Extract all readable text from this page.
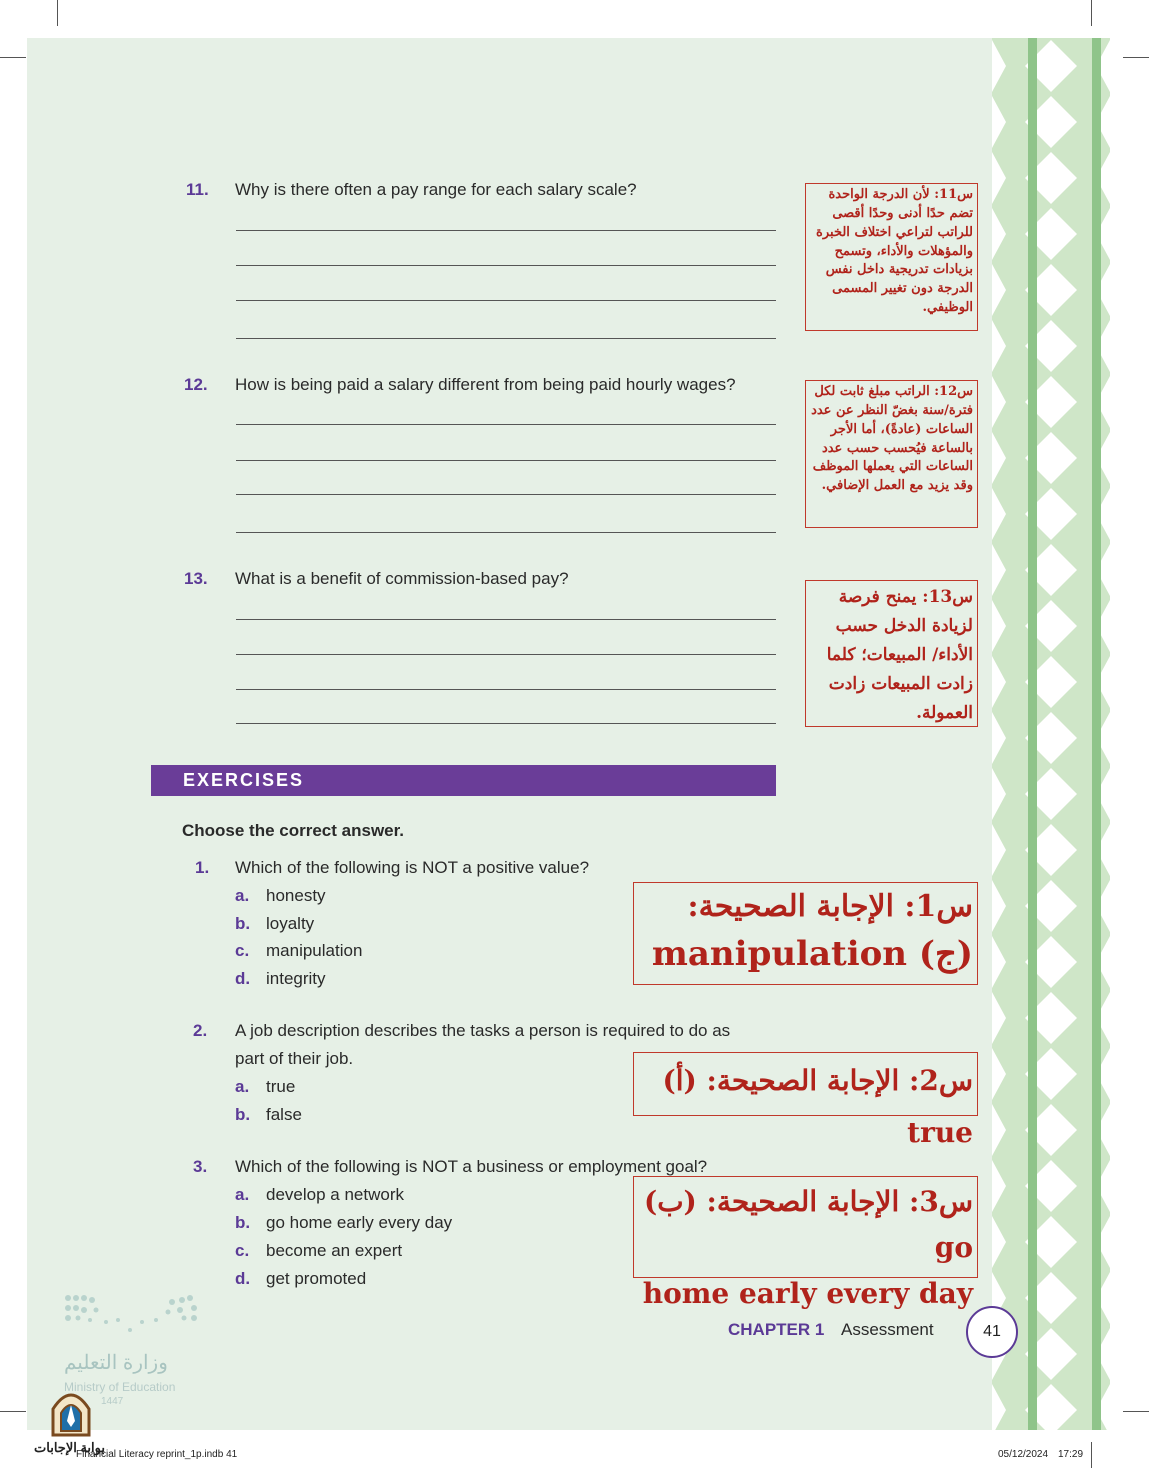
11. Why is there often a pay range for each salary scale?	س11: لأن الدرجة الواحدة تضم حدًا أدنى وحدًا أقصى للراتب لتراعي اختلاف الخبرة والمؤهلات والأداء، وتسمح بزيادات تدريجية داخل نفس الدرجة دون تغيير المسمى الوظيفي.
12. How is being paid a salary different from being paid hourly wages?	س12: الراتب مبلغ ثابت لكل فترة/سنة بغضّ النظر عن عدد الساعات (عادةً)، أما الأجر بالساعة فيُحسب حسب عدد الساعات التي يعملها الموظف وقد يزيد مع العمل الإضافي.
13. What is a benefit of commission-based pay?
س13: يمنح فرصة لزيادة الدخل حسب الأداء/ المبيعات؛ كلما زادت المبيعات زادت العمولة.
EXERCISES
Choose the correct answer.
1. Which of the following is NOT a positive value?
a. honesty
b. loyalty
c. manipulation
d. integrity
س1: الإجابة الصحيحة:
(ج) manipulation
2. A job description describes the tasks a person is required to do as
part of their job.
a. true
b. false
س2: الإجابة الصحيحة: (أ) true
3. Which of the following is NOT a business or employment goal?
a. develop a network
b. go home early every day
c. become an expert
d. get promoted
س3: الإجابة الصحيحة: (ب) go
home early every day
وزارة التعليم
Ministry of Education
1447
بوابة الإجابات
CHAPTER 1 Assessment	41
Financial Literacy reprint_1p.indb 41	05/12/2024 17:29
